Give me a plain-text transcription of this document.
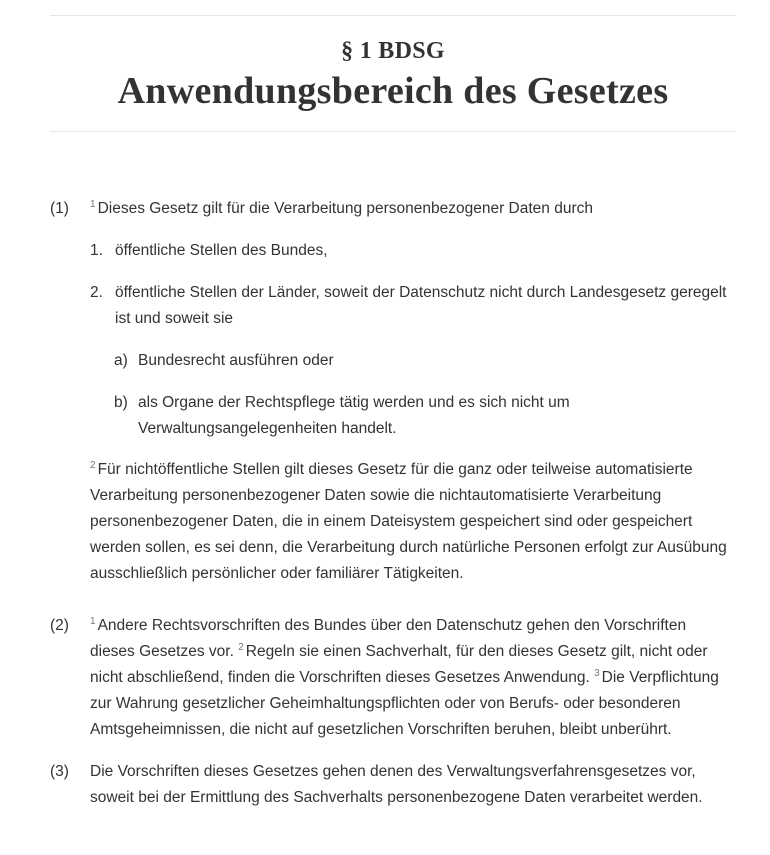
§ 1 BDSG
Anwendungsbereich des Gesetzes
(1) $^1$ Dieses Gesetz gilt für die Verarbeitung personenbezogener Daten durch

1. öffentliche Stellen des Bundes,
2. öffentliche Stellen der Länder, soweit der Datenschutz nicht durch Landesgesetz geregelt ist und soweit sie
a) Bundesrecht ausführen oder
b) als Organe der Rechtspflege tätig werden und es sich nicht um Verwaltungsangelegenheiten handelt.

$^2$ Für nichtöffentliche Stellen gilt dieses Gesetz für die ganz oder teilweise automatisierte Verarbeitung personenbezogener Daten sowie die nichtautomatisierte Verarbeitung personenbezogener Daten, die in einem Dateisystem gespeichert sind oder gespeichert werden sollen, es sei denn, die Verarbeitung durch natürliche Personen erfolgt zur Ausübung ausschließlich persönlicher oder familiärer Tätigkeiten.

(2) $^1$ Andere Rechtsvorschriften des Bundes über den Datenschutz gehen den Vorschriften dieses Gesetzes vor. $^2$ Regeln sie einen Sachverhalt, für den dieses Gesetz gilt, nicht oder nicht abschließend, finden die Vorschriften dieses Gesetzes Anwendung. $^3$ Die Verpflichtung zur Wahrung gesetzlicher Geheimhaltungspflichten oder von Berufs- oder besonderen Amtsgeheimnissen, die nicht auf gesetzlichen Vorschriften beruhen, bleibt unberührt.

(3) Die Vorschriften dieses Gesetzes gehen denen des Verwaltungsverfahrensgesetzes vor, soweit bei der Ermittlung des Sachverhalts personenbezogene Daten verarbeitet werden.
